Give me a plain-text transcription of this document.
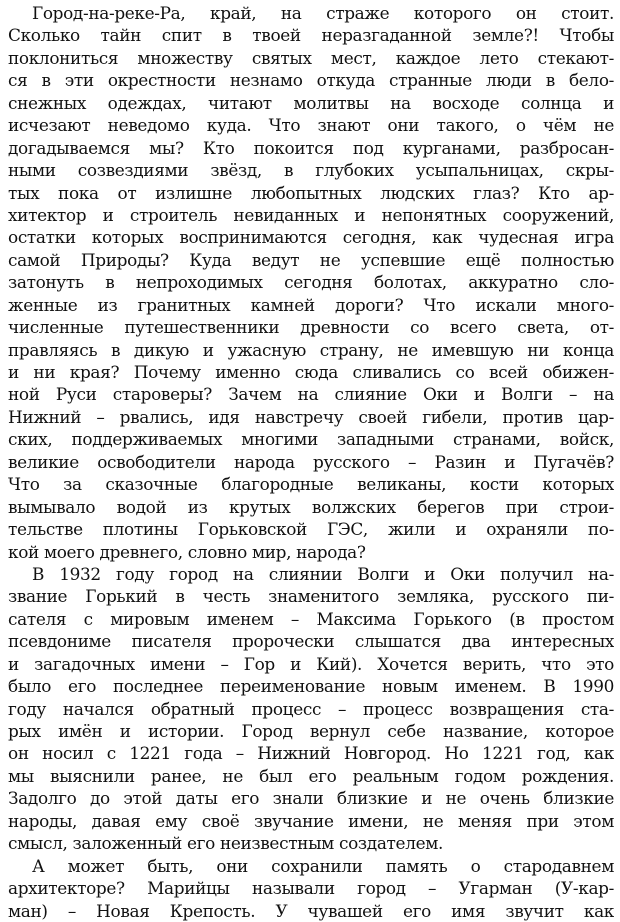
Город-на-реке-Ра, край, на страже которого он стоит.
Сколько тайн спит в твоей неразгаданной земле?! Чтобы
поклониться множеству святых мест, каждое лето стекают-
ся в эти окрестности незнамо откуда странные люди в бело-
снежных одеждах, читают молитвы на восходе солнца и
исчезают неведомо куда. Что знают они такого, о чём не
догадываемся мы? Кто покоится под курганами, разбросан-
ными созвездиями звёзд, в глубоких усыпальницах, скры-
тых пока от излишне любопытных людских глаз? Кто ар-
хитектор и строитель невиданных и непонятных сооружений,
остатки которых воспринимаются сегодня, как чудесная игра
самой Природы? Куда ведут не успевшие ещё полностью
затонуть в непроходимых сегодня болотах, аккуратно сло-
женные из гранитных камней дороги? Что искали много-
численные путешественники древности со всего света, от-
правляясь в дикую и ужасную страну, не имевшую ни конца
и ни края? Почему именно сюда сливались со всей обижен-
ной Руси староверы? Зачем на слияние Оки и Волги – на
Нижний – рвались, идя навстречу своей гибели, против цар-
ских, поддерживаемых многими западными странами, войск,
великие освободители народа русского – Разин и Пугачёв?
Что за сказочные благородные великаны, кости которых
вымывало водой из крутых волжских берегов при строи-
тельстве плотины Горьковской ГЭС, жили и охраняли по-
кой моего древнего, словно мир, народа?
В 1932 году город на слиянии Волги и Оки получил на-
звание Горький в честь знаменитого земляка, русского пи-
сателя с мировым именем – Максима Горького (в простом
псевдониме писателя пророчески слышатся два интересных
и загадочных имени – Гор и Кий). Хочется верить, что это
было его последнее переименование новым именем. В 1990
году начался обратный процесс – процесс возвращения ста-
рых имён и истории. Город вернул себе название, которое
он носил с 1221 года – Нижний Новгород. Но 1221 год, как
мы выяснили ранее, не был его реальным годом рождения.
Задолго до этой даты его знали близкие и не очень близкие
народы, давая ему своё звучание имени, не меняя при этом
смысл, заложенный его неизвестным создателем.
А может быть, они сохранили память о стародавнем
архитекторе? Марийцы называли город – Угарман (У-кар-
ман) – Новая Крепость. У чувашей его имя звучит как
